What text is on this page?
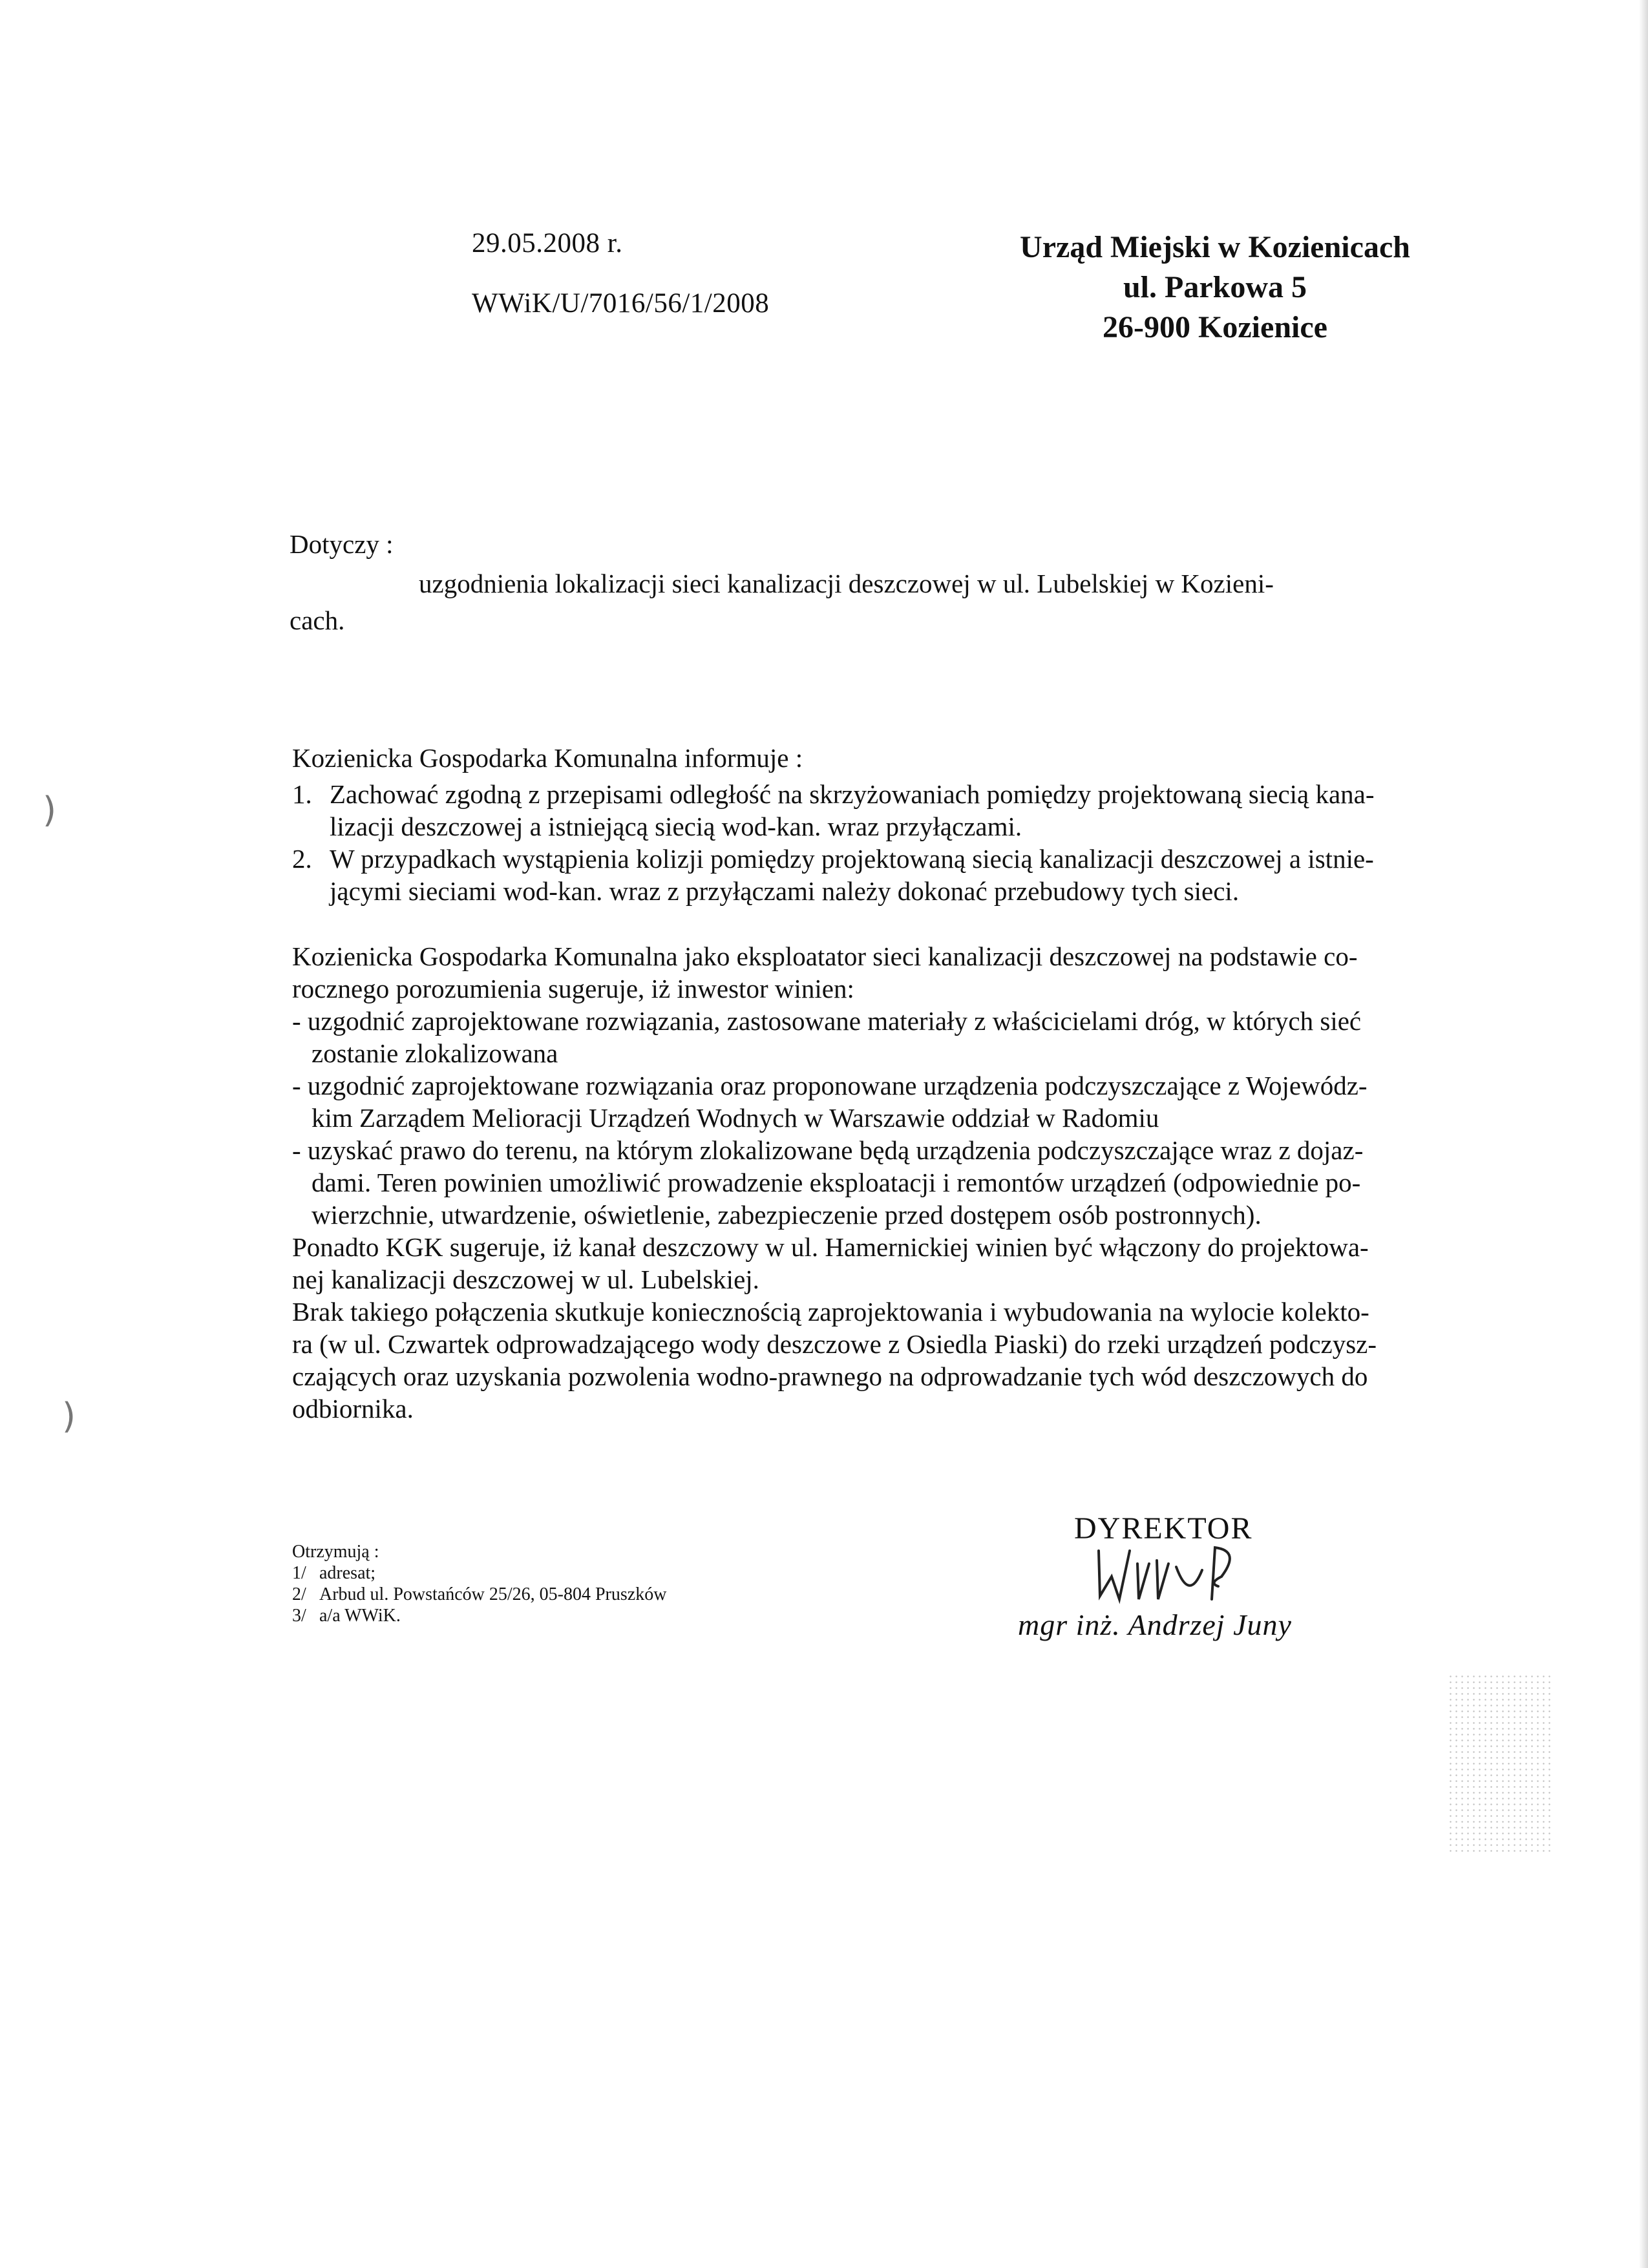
29.05.2008 r.
WWiK/U/7016/56/1/2008
Urząd Miejski w Kozienicach
ul. Parkowa 5
26-900 Kozienice
Dotyczy :
uzgodnienia lokalizacji sieci kanalizacji deszczowej w ul. Lubelskiej w Kozieni-
cach.
Kozienicka Gospodarka Komunalna informuje :
1. Zachować zgodną z przepisami odległość na skrzyżowaniach pomiędzy projektowaną siecią kana-
lizacji deszczowej a istniejącą siecią wod-kan. wraz przyłączami.
2. W przypadkach wystąpienia kolizji pomiędzy projektowaną siecią kanalizacji deszczowej a istnie-
jącymi sieciami wod-kan. wraz z przyłączami należy dokonać przebudowy tych sieci.
Kozienicka Gospodarka Komunalna jako eksploatator sieci kanalizacji deszczowej na podstawie co-
rocznego porozumienia sugeruje, iż inwestor winien:
- uzgodnić zaprojektowane rozwiązania, zastosowane materiały z właścicielami dróg, w których sieć
zostanie zlokalizowana
- uzgodnić zaprojektowane rozwiązania oraz proponowane urządzenia podczyszczające z Wojewódz-
kim Zarządem Melioracji Urządzeń Wodnych w Warszawie oddział w Radomiu
- uzyskać prawo do terenu, na którym zlokalizowane będą urządzenia podczyszczające wraz z dojaz-
dami. Teren powinien umożliwić prowadzenie eksploatacji i remontów urządzeń (odpowiednie po-
wierzchnie, utwardzenie, oświetlenie, zabezpieczenie przed dostępem osób postronnych).
Ponadto KGK sugeruje, iż kanał deszczowy w ul. Hamernickiej winien być włączony do projektowa-
nej kanalizacji deszczowej w ul. Lubelskiej.
Brak takiego połączenia skutkuje koniecznością zaprojektowania i wybudowania na wylocie kolekto-
ra (w ul. Czwartek odprowadzającego wody deszczowe z Osiedla Piaski) do rzeki urządzeń podczysz-
czających oraz uzyskania pozwolenia wodno-prawnego na odprowadzanie tych wód deszczowych do
odbiornika.
Otrzymują :
1/ adresat;
2/ Arbud ul. Powstańców 25/26, 05-804 Pruszków
3/ a/a WWiK.
DYREKTOR
mgr inż. Andrzej Juny
)
)
